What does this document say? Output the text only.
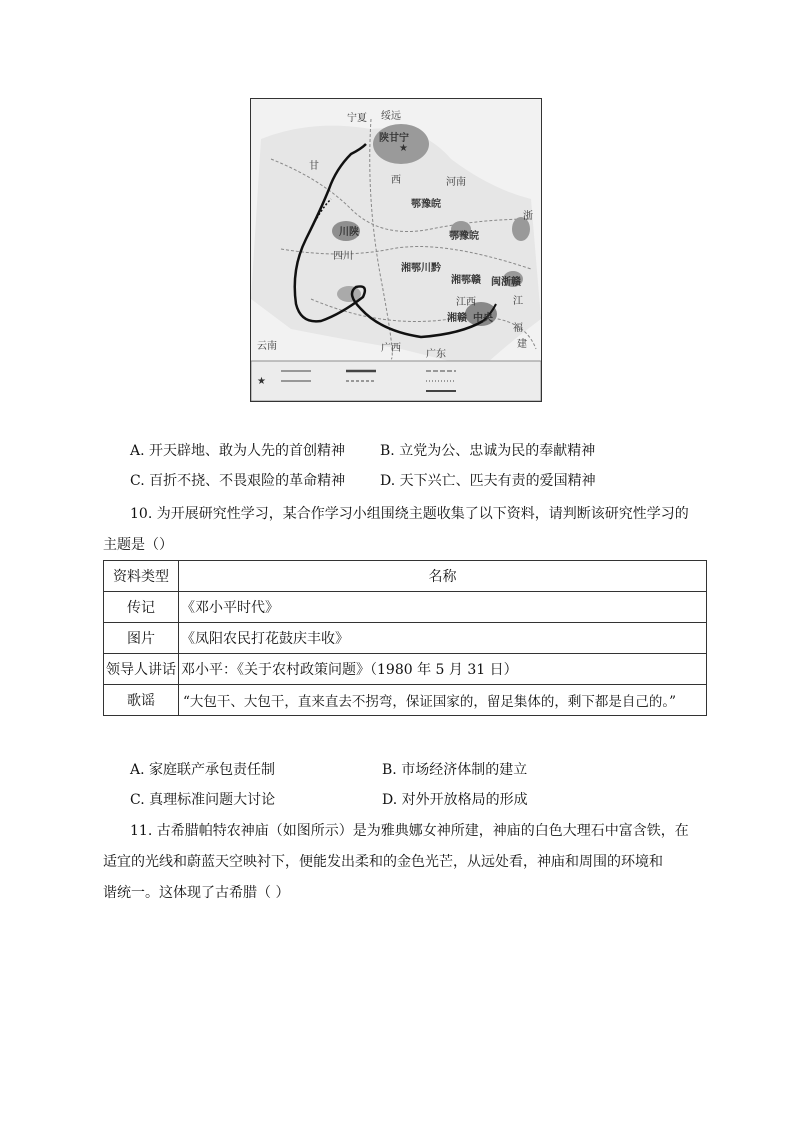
★
宁夏 绥远
陕甘宁
甘
西	河南
鄂豫皖
川陕
四川
湘鄂川黔
鄂豫皖
湘鄂赣 闽浙赣
浙
江西
中央
湘赣
福
建
广西
广东
云南
江
★
A. 开天辟地、敢为人先的首创精神 B. 立党为公、忠诚为民的奉献精神
C. 百折不挠、不畏艰险的革命精神 D. 天下兴亡、匹夫有责的爱国精神
10. 为开展研究性学习，某合作学习小组围绕主题收集了以下资料，请判断该研究性学习的
主题是（）
资料类型	名称
传记	《邓小平时代》
图片	《凤阳农民打花鼓庆丰收》
领导人讲话	邓小平：《关于农村政策问题》（1980 年 5 月 31 日）
歌谣	“大包干、大包干，直来直去不拐弯，保证国家的，留足集体的，剩下都是自己的。”
A. 家庭联产承包责任制	B. 市场经济体制的建立
C. 真理标准问题大讨论	D. 对外开放格局的形成
11. 古希腊帕特农神庙（如图所示）是为雅典娜女神所建，神庙的白色大理石中富含铁，在
适宜的光线和蔚蓝天空映衬下，便能发出柔和的金色光芒，从远处看，神庙和周围的环境和
谐统一。这体现了古希腊（ ）
